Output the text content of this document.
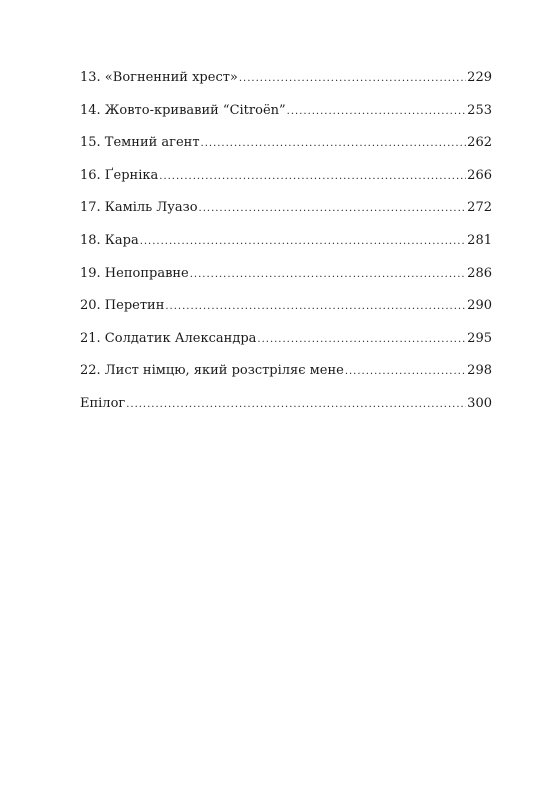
13. «Вогненний хрест» .....	229
14. Жовто-кривавий “Citroën” .....	253
15. Темний агент .....	262
16. Ґерніка .....	266
17. Каміль Луазо .....	272
18. Кара .....	281
19. Непоправне .....	286
20. Перетин .....	290
21. Солдатик Александра .....	295
22. Лист німцю, який розстріляє мене .....	298
Епілог .....	300
